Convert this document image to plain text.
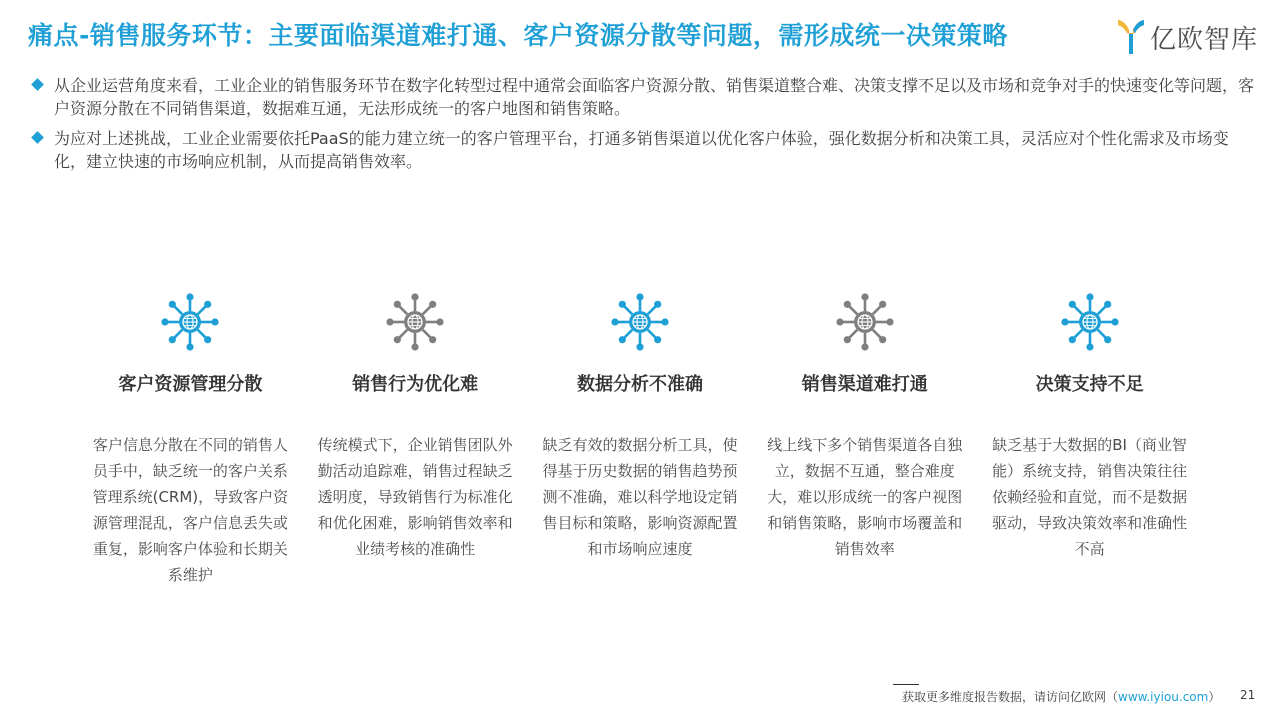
痛点-销售服务环节：主要面临渠道难打通、客户资源分散等问题，需形成统一决策策略	亿欧智库
从企业运营角度来看，工业企业的销售服务环节在数字化转型过程中通常会面临客户资源分散、销售渠道整合难、决策支撑不足以及市场和竞争对手的快速变化等问题，客户资源分散在不同销售渠道，数据难互通，无法形成统一的客户地图和销售策略。
为应对上述挑战，工业企业需要依托PaaS的能力建立统一的客户管理平台，打通多销售渠道以优化客户体验，强化数据分析和决策工具，灵活应对个性化需求及市场变化，建立快速的市场响应机制，从而提高销售效率。
客户资源管理分散
客户信息分散在不同的销售人员手中，缺乏统一的客户关系管理系统(CRM)，导致客户资源管理混乱，客户信息丢失或重复，影响客户体验和长期关系维护
销售行为优化难
传统模式下，企业销售团队外勤活动追踪难，销售过程缺乏透明度，导致销售行为标准化和优化困难，影响销售效率和业绩考核的准确性
数据分析不准确
缺乏有效的数据分析工具，使得基于历史数据的销售趋势预测不准确，难以科学地设定销售目标和策略，影响资源配置和市场响应速度
销售渠道难打通
线上线下多个销售渠道各自独立，数据不互通，整合难度大，难以形成统一的客户视图和销售策略，影响市场覆盖和销售效率
决策支持不足
缺乏基于大数据的BI（商业智能）系统支持，销售决策往往依赖经验和直觉，而不是数据驱动，导致决策效率和准确性不高
获取更多维度报告数据，请访问亿欧网（www.iyiou.com） 21
